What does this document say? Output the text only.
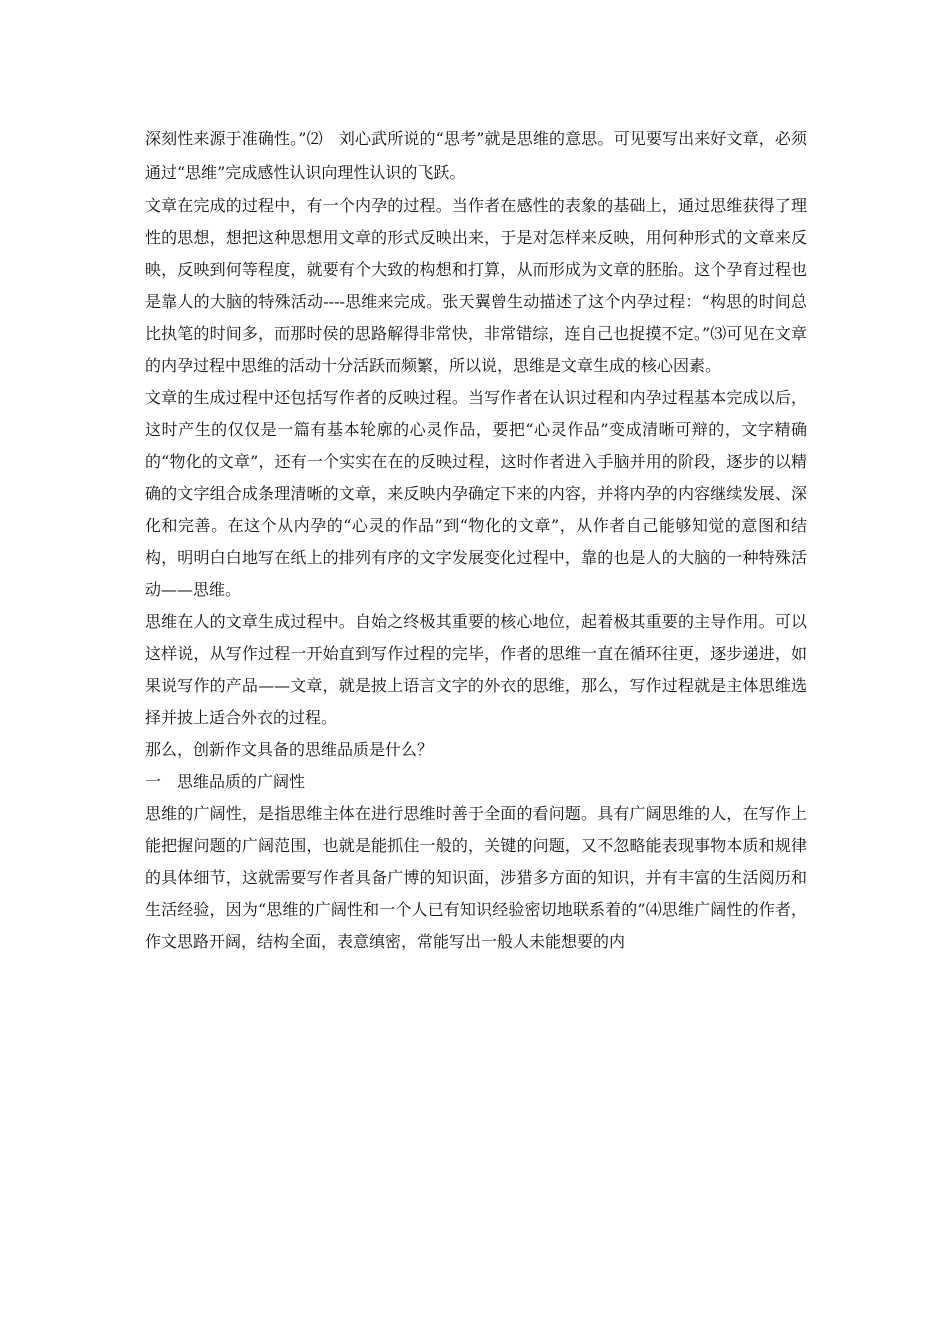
深刻性来源于准确性。”⑵　刘心武所说的“思考”就是思维的意思。可见要写出来好文章，必须通过“思维”完成感性认识向理性认识的飞跃。

文章在完成的过程中，有一个内孕的过程。当作者在感性的表象的基础上，通过思维获得了理性的思想，想把这种思想用文章的形式反映出来，于是对怎样来反映，用何种形式的文章来反映，反映到何等程度，就要有个大致的构想和打算，从而形成为文章的胚胎。这个孕育过程也是靠人的大脑的特殊活动----思维来完成。张天翼曾生动描述了这个内孕过程：“构思的时间总比执笔的时间多，而那时侯的思路解得非常快，非常错综，连自己也捉摸不定。”⑶可见在文章的内孕过程中思维的活动十分活跃而频繁，所以说，思维是文章生成的核心因素。

文章的生成过程中还包括写作者的反映过程。当写作者在认识过程和内孕过程基本完成以后，这时产生的仅仅是一篇有基本轮廓的心灵作品，要把“心灵作品”变成清晰可辩的，文字精确的“物化的文章”，还有一个实实在在的反映过程，这时作者进入手脑并用的阶段，逐步的以精确的文字组合成条理清晰的文章，来反映内孕确定下来的内容，并将内孕的内容继续发展、深化和完善。在这个从内孕的“心灵的作品”到“物化的文章”，从作者自己能够知觉的意图和结构，明明白白地写在纸上的排列有序的文字发展变化过程中，靠的也是人的大脑的一种特殊活动——思维。

思维在人的文章生成过程中。自始之终极其重要的核心地位，起着极其重要的主导作用。可以这样说，从写作过程一开始直到写作过程的完毕，作者的思维一直在循环往更，逐步递进，如果说写作的产品——文章，就是披上语言文字的外衣的思维，那么，写作过程就是主体思维选择并披上适合外衣的过程。

那么，创新作文具备的思维品质是什么？

一　思维品质的广阔性

思维的广阔性，是指思维主体在进行思维时善于全面的看问题。具有广阔思维的人，在写作上能把握问题的广阔范围，也就是能抓住一般的，关键的问题，又不忽略能表现事物本质和规律的具体细节，这就需要写作者具备广博的知识面，涉猎多方面的知识，并有丰富的生活阅历和生活经验，因为“思维的广阔性和一个人已有知识经验密切地联系着的”⑷思维广阔性的作者，作文思路开阔，结构全面，表意缜密，常能写出一般人未能想要的内
